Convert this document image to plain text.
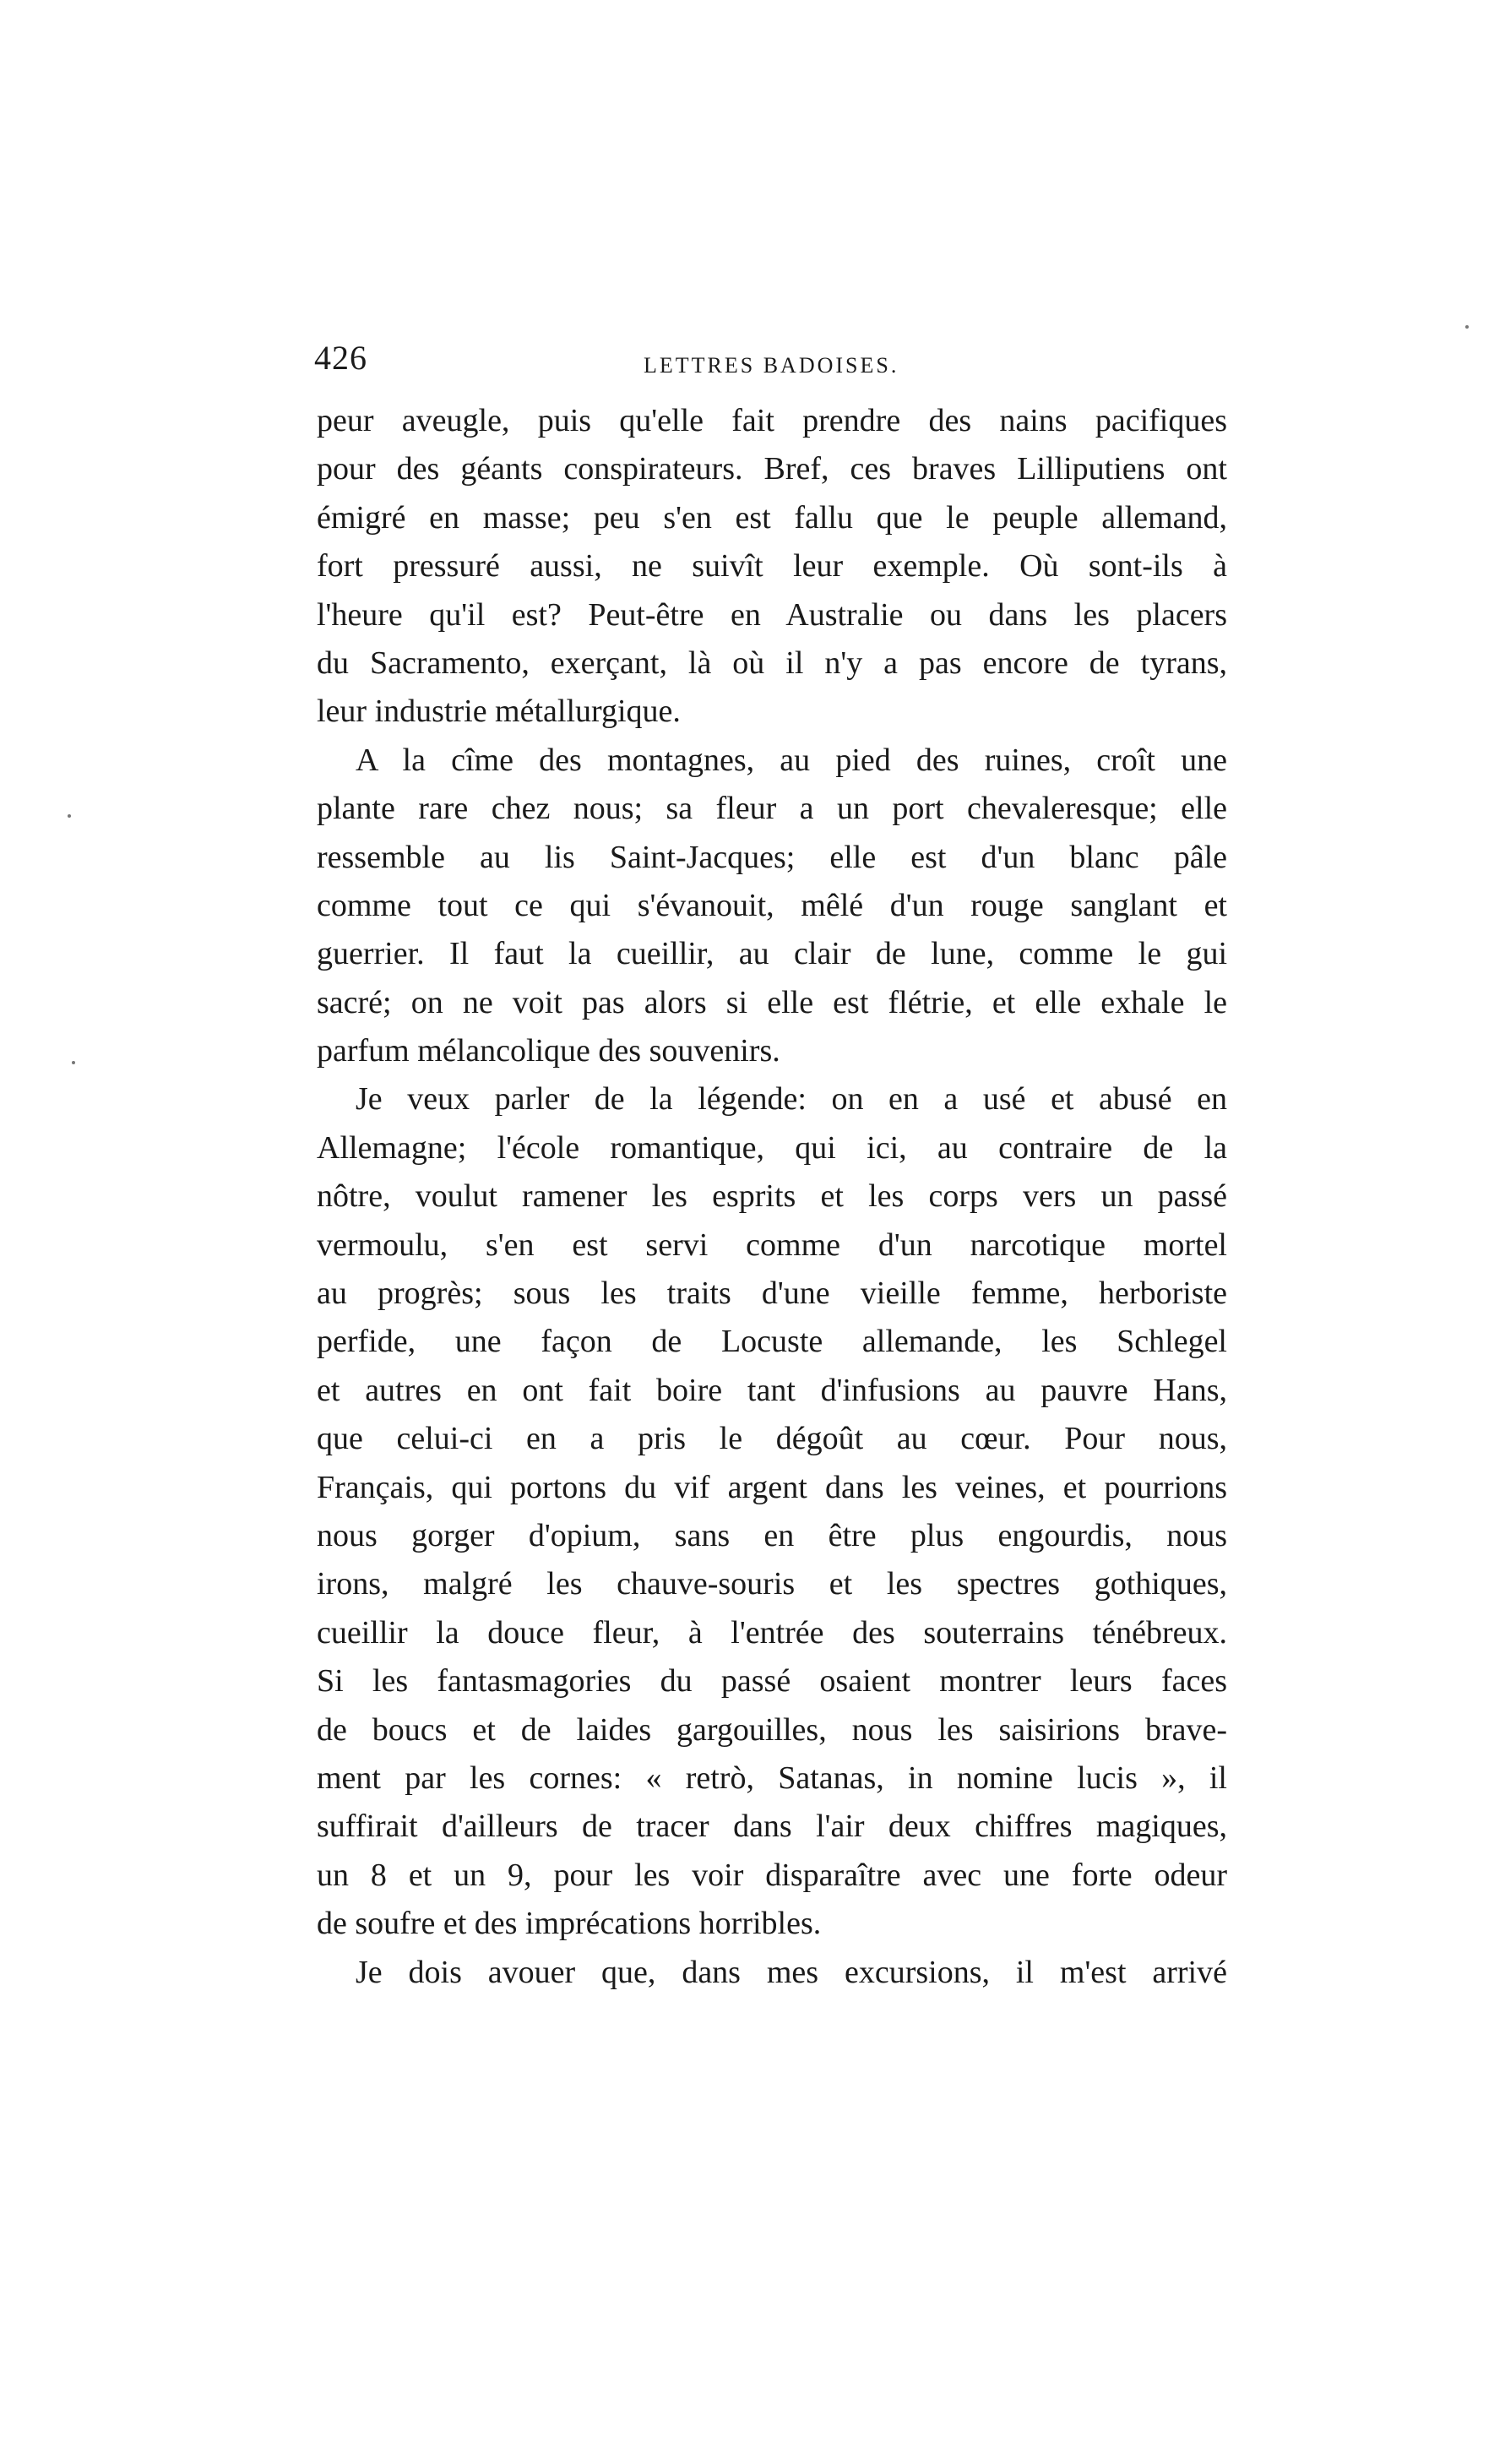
426	LETTRES BADOISES.
peur aveugle, puis qu'elle fait prendre des nains pacifiques
pour des géants conspirateurs. Bref, ces braves Lilliputiens ont
émigré en masse; peu s'en est fallu que le peuple allemand,
fort pressuré aussi, ne suivît leur exemple. Où sont-ils à
l'heure qu'il est? Peut-être en Australie ou dans les placers
du Sacramento, exerçant, là où il n'y a pas encore de tyrans,
leur industrie métallurgique.
A la cîme des montagnes, au pied des ruines, croît une
plante rare chez nous; sa fleur a un port chevaleresque; elle
ressemble au lis Saint-Jacques; elle est d'un blanc pâle
comme tout ce qui s'évanouit, mêlé d'un rouge sanglant et
guerrier. Il faut la cueillir, au clair de lune, comme le gui
sacré; on ne voit pas alors si elle est flétrie, et elle exhale le
parfum mélancolique des souvenirs.
Je veux parler de la légende: on en a usé et abusé en
Allemagne; l'école romantique, qui ici, au contraire de la
nôtre, voulut ramener les esprits et les corps vers un passé
vermoulu, s'en est servi comme d'un narcotique mortel
au progrès; sous les traits d'une vieille femme, herboriste
perfide, une façon de Locuste allemande, les Schlegel
et autres en ont fait boire tant d'infusions au pauvre Hans,
que celui-ci en a pris le dégoût au cœur. Pour nous,
Français, qui portons du vif argent dans les veines, et pourrions
nous gorger d'opium, sans en être plus engourdis, nous
irons, malgré les chauve-souris et les spectres gothiques,
cueillir la douce fleur, à l'entrée des souterrains ténébreux.
Si les fantasmagories du passé osaient montrer leurs faces
de boucs et de laides gargouilles, nous les saisirions brave-
ment par les cornes: « retrò, Satanas, in nomine lucis », il
suffirait d'ailleurs de tracer dans l'air deux chiffres magiques,
un 8 et un 9, pour les voir disparaître avec une forte odeur
de soufre et des imprécations horribles.
Je dois avouer que, dans mes excursions, il m'est arrivé
